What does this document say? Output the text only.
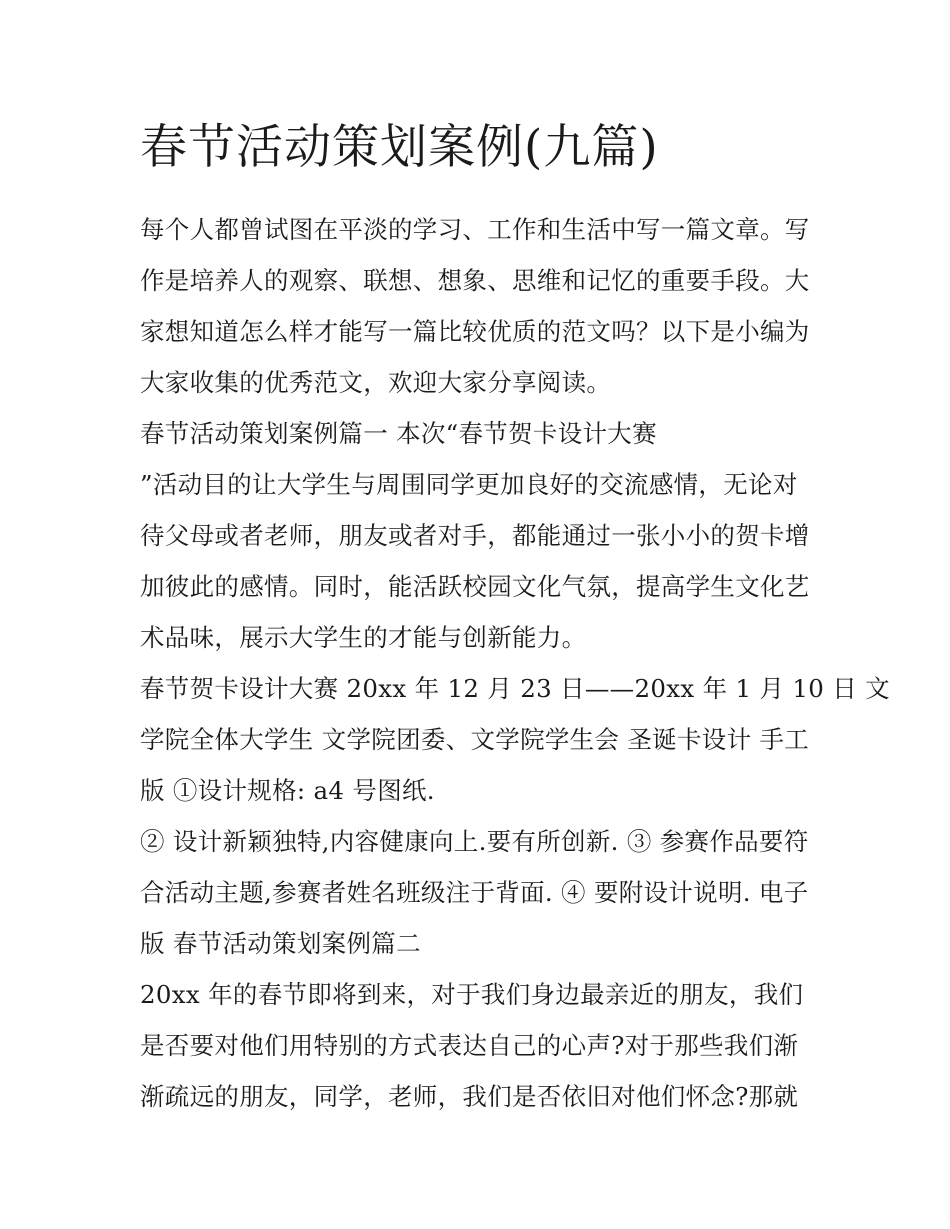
春节活动策划案例(九篇)
每个人都曾试图在平淡的学习、工作和生活中写一篇文章。写
作是培养人的观察、联想、想象、思维和记忆的重要手段。大
家想知道怎么样才能写一篇比较优质的范文吗？以下是小编为
大家收集的优秀范文，欢迎大家分享阅读。
春节活动策划案例篇一 本次“春节贺卡设计大赛
”活动目的让大学生与周围同学更加良好的交流感情，无论对
待父母或者老师，朋友或者对手，都能通过一张小小的贺卡增
加彼此的感情。同时，能活跃校园文化气氛，提高学生文化艺
术品味，展示大学生的才能与创新能力。
春节贺卡设计大赛 20xx 年 12 月 23 日——20xx 年 1 月 10 日 文
学院全体大学生 文学院团委、文学院学生会 圣诞卡设计 手工
版 ①设计规格: a4 号图纸.
② 设计新颖独特,内容健康向上.要有所创新. ③ 参赛作品要符
合活动主题,参赛者姓名班级注于背面. ④ 要附设计说明. 电子
版 春节活动策划案例篇二
20xx 年的春节即将到来，对于我们身边最亲近的朋友，我们
是否要对他们用特别的方式表达自己的心声?对于那些我们渐
渐疏远的朋友，同学，老师，我们是否依旧对他们怀念?那就
